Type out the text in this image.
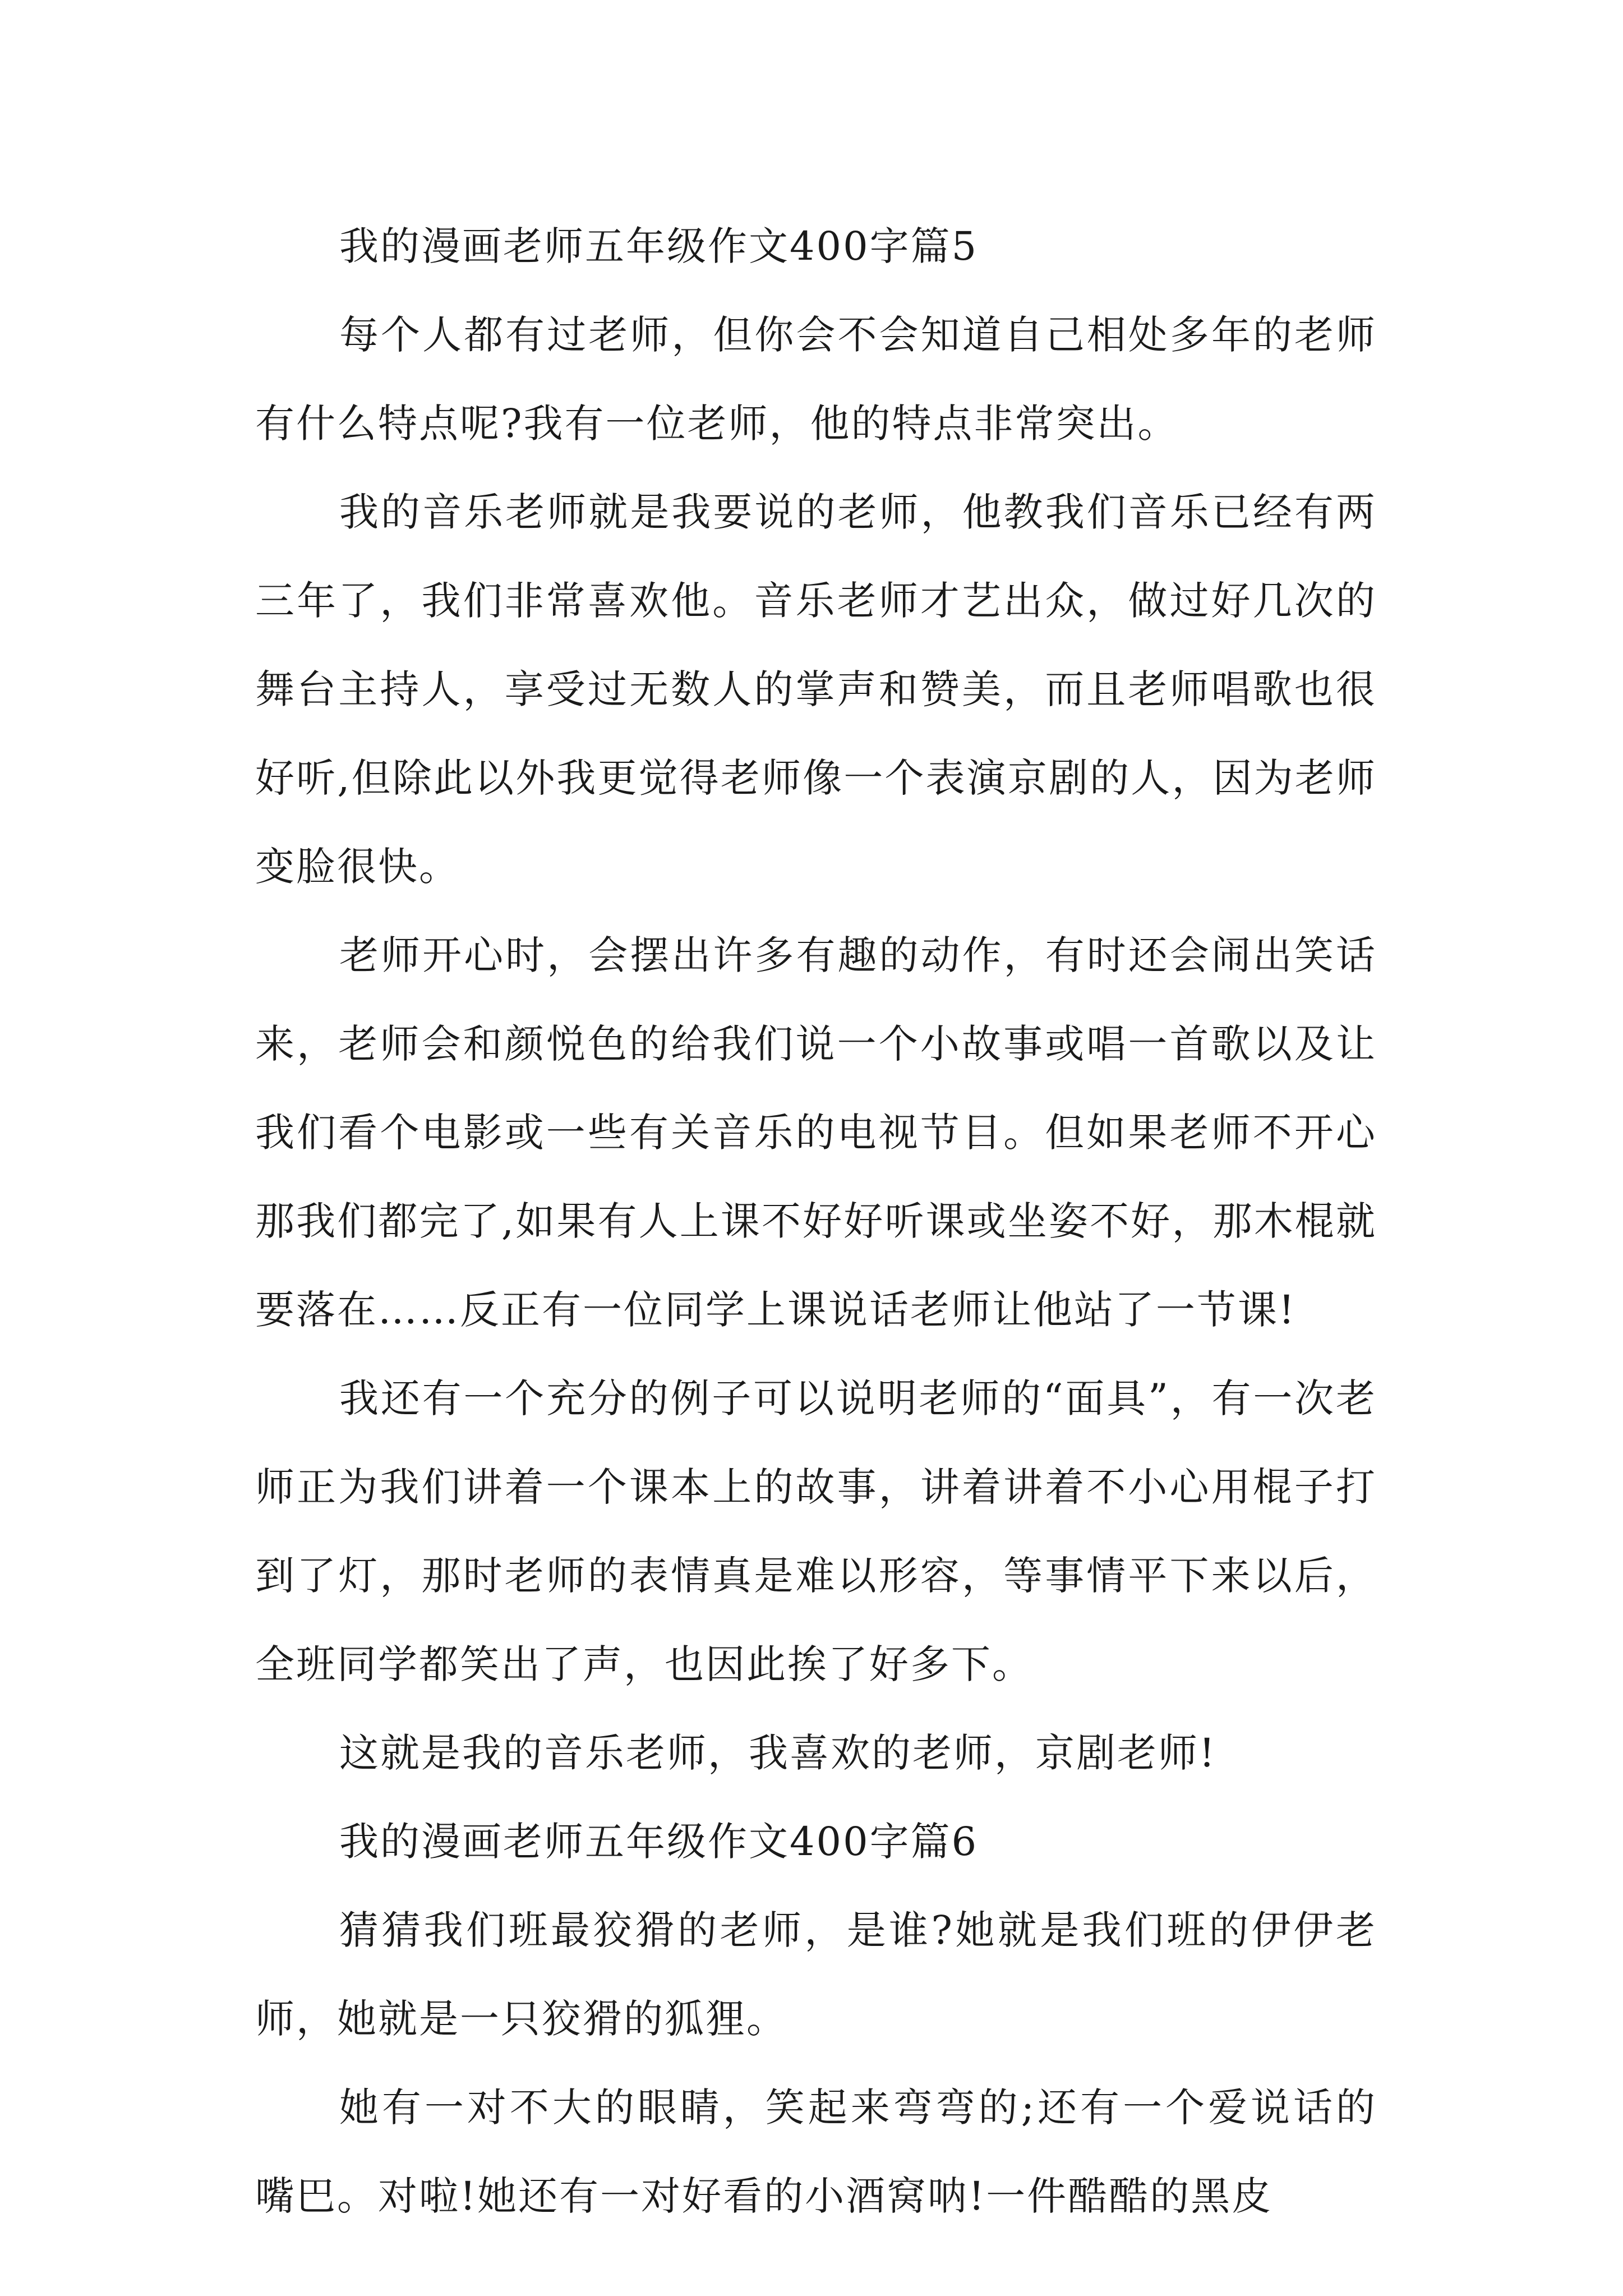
我的漫画老师五年级作文400字篇5

每个人都有过老师，但你会不会知道自己相处多年的老师有什么特点呢?我有一位老师，他的特点非常突出。

我的音乐老师就是我要说的老师，他教我们音乐已经有两三年了，我们非常喜欢他。音乐老师才艺出众，做过好几次的舞台主持人，享受过无数人的掌声和赞美，而且老师唱歌也很好听,但除此以外我更觉得老师像一个表演京剧的人，因为老师变脸很快。

老师开心时，会摆出许多有趣的动作，有时还会闹出笑话来，老师会和颜悦色的给我们说一个小故事或唱一首歌以及让我们看个电影或一些有关音乐的电视节目。但如果老师不开心那我们都完了,如果有人上课不好好听课或坐姿不好，那木棍就要落在……反正有一位同学上课说话老师让他站了一节课!

我还有一个充分的例子可以说明老师的“面具”，有一次老师正为我们讲着一个课本上的故事，讲着讲着不小心用棍子打到了灯，那时老师的表情真是难以形容，等事情平下来以后，全班同学都笑出了声，也因此挨了好多下。

这就是我的音乐老师，我喜欢的老师，京剧老师!

我的漫画老师五年级作文400字篇6

猜猜我们班最狡猾的老师，是谁?她就是我们班的伊伊老师，她就是一只狡猾的狐狸。

她有一对不大的眼睛，笑起来弯弯的;还有一个爱说话的嘴巴。对啦!她还有一对好看的小酒窝呐!一件酷酷的黑皮
